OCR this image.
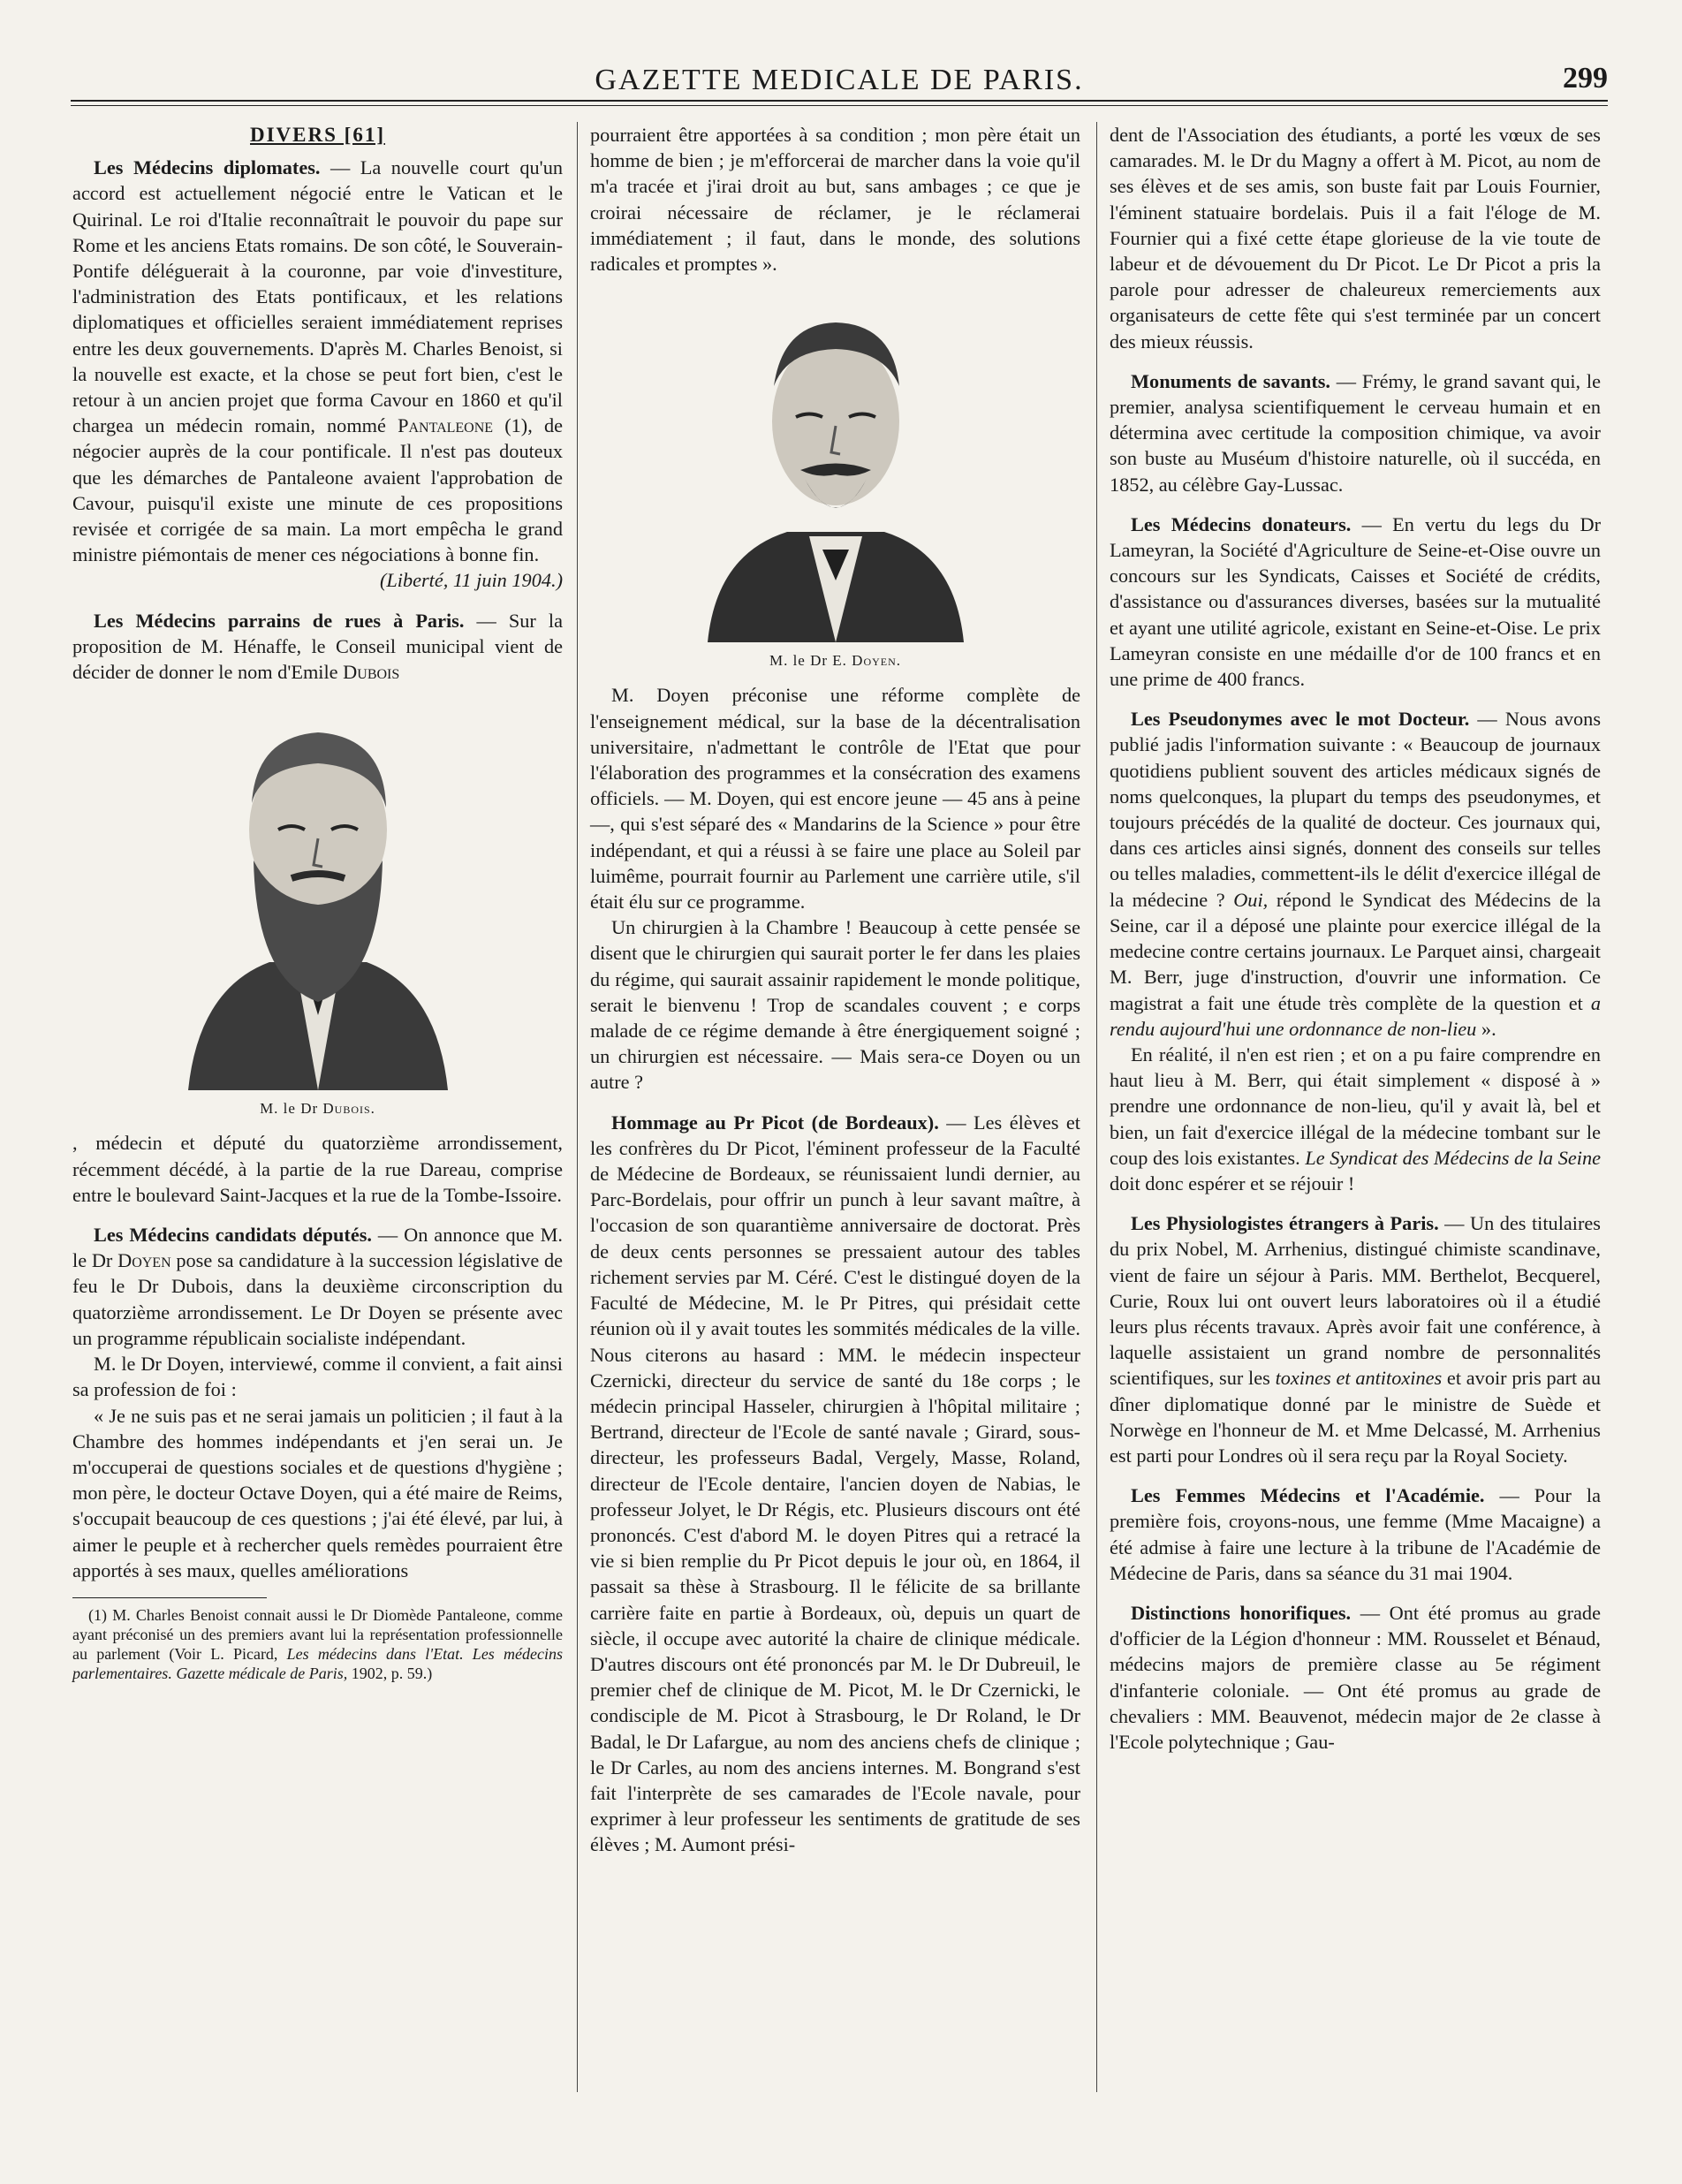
GAZETTE MEDICALE DE PARIS.	299
DIVERS [61]

Les Médecins diplomates. — La nouvelle court qu'un accord est actuellement négocié entre le Vatican et le Quirinal. Le roi d'Italie reconnaîtrait le pouvoir du pape sur Rome et les anciens Etats romains. De son côté, le Souverain-Pontife déléguerait à la couronne, par voie d'investiture, l'administration des Etats pontificaux, et les relations diplomatiques et officielles seraient immédiatement reprises entre les deux gouvernements. D'après M. Charles Benoist, si la nouvelle est exacte, et la chose se peut fort bien, c'est le retour à un ancien projet que forma Cavour en 1860 et qu'il chargea un médecin romain, nommé Pantaleone (1), de négocier auprès de la cour pontificale. Il n'est pas douteux que les démarches de Pantaleone avaient l'approbation de Cavour, puisqu'il existe une minute de ces propositions revisée et corrigée de sa main. La mort empêcha le grand ministre piémontais de mener ces négociations à bonne fin.

(Liberté, 11 juin 1904.)

Les Médecins parrains de rues à Paris. — Sur la proposition de M. Hénaffe, le Conseil municipal vient de décider de donner le nom d'Emile Dubois

M. le Dr Dubois.

, médecin et député du quatorzième arrondissement, récemment décédé, à la partie de la rue Dareau, comprise entre le boulevard Saint-Jacques et la rue de la Tombe-Issoire.

Les Médecins candidats députés. — On annonce que M. le Dr Doyen pose sa candidature à la succession législative de feu le Dr Dubois, dans la deuxième circonscription du quatorzième arrondissement. Le Dr Doyen se présente avec un programme républicain socialiste indépendant.

M. le Dr Doyen, interviewé, comme il convient, a fait ainsi sa profession de foi :

« Je ne suis pas et ne serai jamais un politicien ; il faut à la Chambre des hommes indépendants et j'en serai un. Je m'occuperai de questions sociales et de questions d'hygiène ; mon père, le docteur Octave Doyen, qui a été maire de Reims, s'occupait beaucoup de ces questions ; j'ai été élevé, par lui, à aimer le peuple et à rechercher quels remèdes pourraient être apportés à ses maux, quelles améliorations

(1) M. Charles Benoist connait aussi le Dr Diomède Pantaleone, comme ayant préconisé un des premiers avant lui la représentation professionnelle au parlement (Voir L. Picard, Les médecins dans l'Etat. Les médecins parlementaires. Gazette médicale de Paris, 1902, p. 59.)

pourraient être apportées à sa condition ; mon père était un homme de bien ; je m'efforcerai de marcher dans la voie qu'il m'a tracée et j'irai droit au but, sans ambages ; ce que je croirai nécessaire de réclamer, je le réclamerai immédiatement ; il faut, dans le monde, des solutions radicales et promptes ».

M. le Dr E. Doyen.

M. Doyen préconise une réforme complète de l'enseignement médical, sur la base de la décentralisation universitaire, n'admettant le contrôle de l'Etat que pour l'élaboration des programmes et la consécration des examens officiels. — M. Doyen, qui est encore jeune — 45 ans à peine —, qui s'est séparé des « Mandarins de la Science » pour être indépendant, et qui a réussi à se faire une place au Soleil par luimême, pourrait fournir au Parlement une carrière utile, s'il était élu sur ce programme.

Un chirurgien à la Chambre ! Beaucoup à cette pensée se disent que le chirurgien qui saurait porter le fer dans les plaies du régime, qui saurait assainir rapidement le monde politique, serait le bienvenu ! Trop de scandales couvent ; e corps malade de ce régime demande à être énergiquement soigné ; un chirurgien est nécessaire. — Mais sera-ce Doyen ou un autre ?

Hommage au Pr Picot (de Bordeaux). — Les élèves et les confrères du Dr Picot, l'éminent professeur de la Faculté de Médecine de Bordeaux, se réunissaient lundi dernier, au Parc-Bordelais, pour offrir un punch à leur savant maître, à l'occasion de son quarantième anniversaire de doctorat. Près de deux cents personnes se pressaient autour des tables richement servies par M. Céré. C'est le distingué doyen de la Faculté de Médecine, M. le Pr Pitres, qui présidait cette réunion où il y avait toutes les sommités médicales de la ville. Nous citerons au hasard : MM. le médecin inspecteur Czernicki, directeur du service de santé du 18e corps ; le médecin principal Hasseler, chirurgien à l'hôpital militaire ; Bertrand, directeur de l'Ecole de santé navale ; Girard, sous-directeur, les professeurs Badal, Vergely, Masse, Roland, directeur de l'Ecole dentaire, l'ancien doyen de Nabias, le professeur Jolyet, le Dr Régis, etc. Plusieurs discours ont été prononcés. C'est d'abord M. le doyen Pitres qui a retracé la vie si bien remplie du Pr Picot depuis le jour où, en 1864, il passait sa thèse à Strasbourg. Il le félicite de sa brillante carrière faite en partie à Bordeaux, où, depuis un quart de siècle, il occupe avec autorité la chaire de clinique médicale. D'autres discours ont été prononcés par M. le Dr Dubreuil, le premier chef de clinique de M. Picot, M. le Dr Czernicki, le condisciple de M. Picot à Strasbourg, le Dr Roland, le Dr Badal, le Dr Lafargue, au nom des anciens chefs de clinique ; le Dr Carles, au nom des anciens internes. M. Bongrand s'est fait l'interprète de ses camarades de l'Ecole navale, pour exprimer à leur professeur les sentiments de gratitude de ses élèves ; M. Aumont prési-

dent de l'Association des étudiants, a porté les vœux de ses camarades. M. le Dr du Magny a offert à M. Picot, au nom de ses élèves et de ses amis, son buste fait par Louis Fournier, l'éminent statuaire bordelais. Puis il a fait l'éloge de M. Fournier qui a fixé cette étape glorieuse de la vie toute de labeur et de dévouement du Dr Picot. Le Dr Picot a pris la parole pour adresser de chaleureux remerciements aux organisateurs de cette fête qui s'est terminée par un concert des mieux réussis.

Monuments de savants. — Frémy, le grand savant qui, le premier, analysa scientifiquement le cerveau humain et en détermina avec certitude la composition chimique, va avoir son buste au Muséum d'histoire naturelle, où il succéda, en 1852, au célèbre Gay-Lussac.

Les Médecins donateurs. — En vertu du legs du Dr Lameyran, la Société d'Agriculture de Seine-et-Oise ouvre un concours sur les Syndicats, Caisses et Société de crédits, d'assistance ou d'assurances diverses, basées sur la mutualité et ayant une utilité agricole, existant en Seine-et-Oise. Le prix Lameyran consiste en une médaille d'or de 100 francs et en une prime de 400 francs.

Les Pseudonymes avec le mot Docteur. — Nous avons publié jadis l'information suivante : « Beaucoup de journaux quotidiens publient souvent des articles médicaux signés de noms quelconques, la plupart du temps des pseudonymes, et toujours précédés de la qualité de docteur. Ces journaux qui, dans ces articles ainsi signés, donnent des conseils sur telles ou telles maladies, commettent-ils le délit d'exercice illégal de la médecine ? Oui, répond le Syndicat des Médecins de la Seine, car il a déposé une plainte pour exercice illégal de la medecine contre certains journaux. Le Parquet ainsi, chargeait M. Berr, juge d'instruction, d'ouvrir une information. Ce magistrat a fait une étude très complète de la question et a rendu aujourd'hui une ordonnance de non-lieu ».

En réalité, il n'en est rien ; et on a pu faire comprendre en haut lieu à M. Berr, qui était simplement « disposé à » prendre une ordonnance de non-lieu, qu'il y avait là, bel et bien, un fait d'exercice illégal de la médecine tombant sur le coup des lois existantes. Le Syndicat des Médecins de la Seine doit donc espérer et se réjouir !

Les Physiologistes étrangers à Paris. — Un des titulaires du prix Nobel, M. Arrhenius, distingué chimiste scandinave, vient de faire un séjour à Paris. MM. Berthelot, Becquerel, Curie, Roux lui ont ouvert leurs laboratoires où il a étudié leurs plus récents travaux. Après avoir fait une conférence, à laquelle assistaient un grand nombre de personnalités scientifiques, sur les toxines et antitoxines et avoir pris part au dîner diplomatique donné par le ministre de Suède et Norwège en l'honneur de M. et Mme Delcassé, M. Arrhenius est parti pour Londres où il sera reçu par la Royal Society.

Les Femmes Médecins et l'Académie. — Pour la première fois, croyons-nous, une femme (Mme Macaigne) a été admise à faire une lecture à la tribune de l'Académie de Médecine de Paris, dans sa séance du 31 mai 1904.

Distinctions honorifiques. — Ont été promus au grade d'officier de la Légion d'honneur : MM. Rousselet et Bénaud, médecins majors de première classe au 5e régiment d'infanterie coloniale. — Ont été promus au grade de chevaliers : MM. Beauvenot, médecin major de 2e classe à l'Ecole polytechnique ; Gau-
